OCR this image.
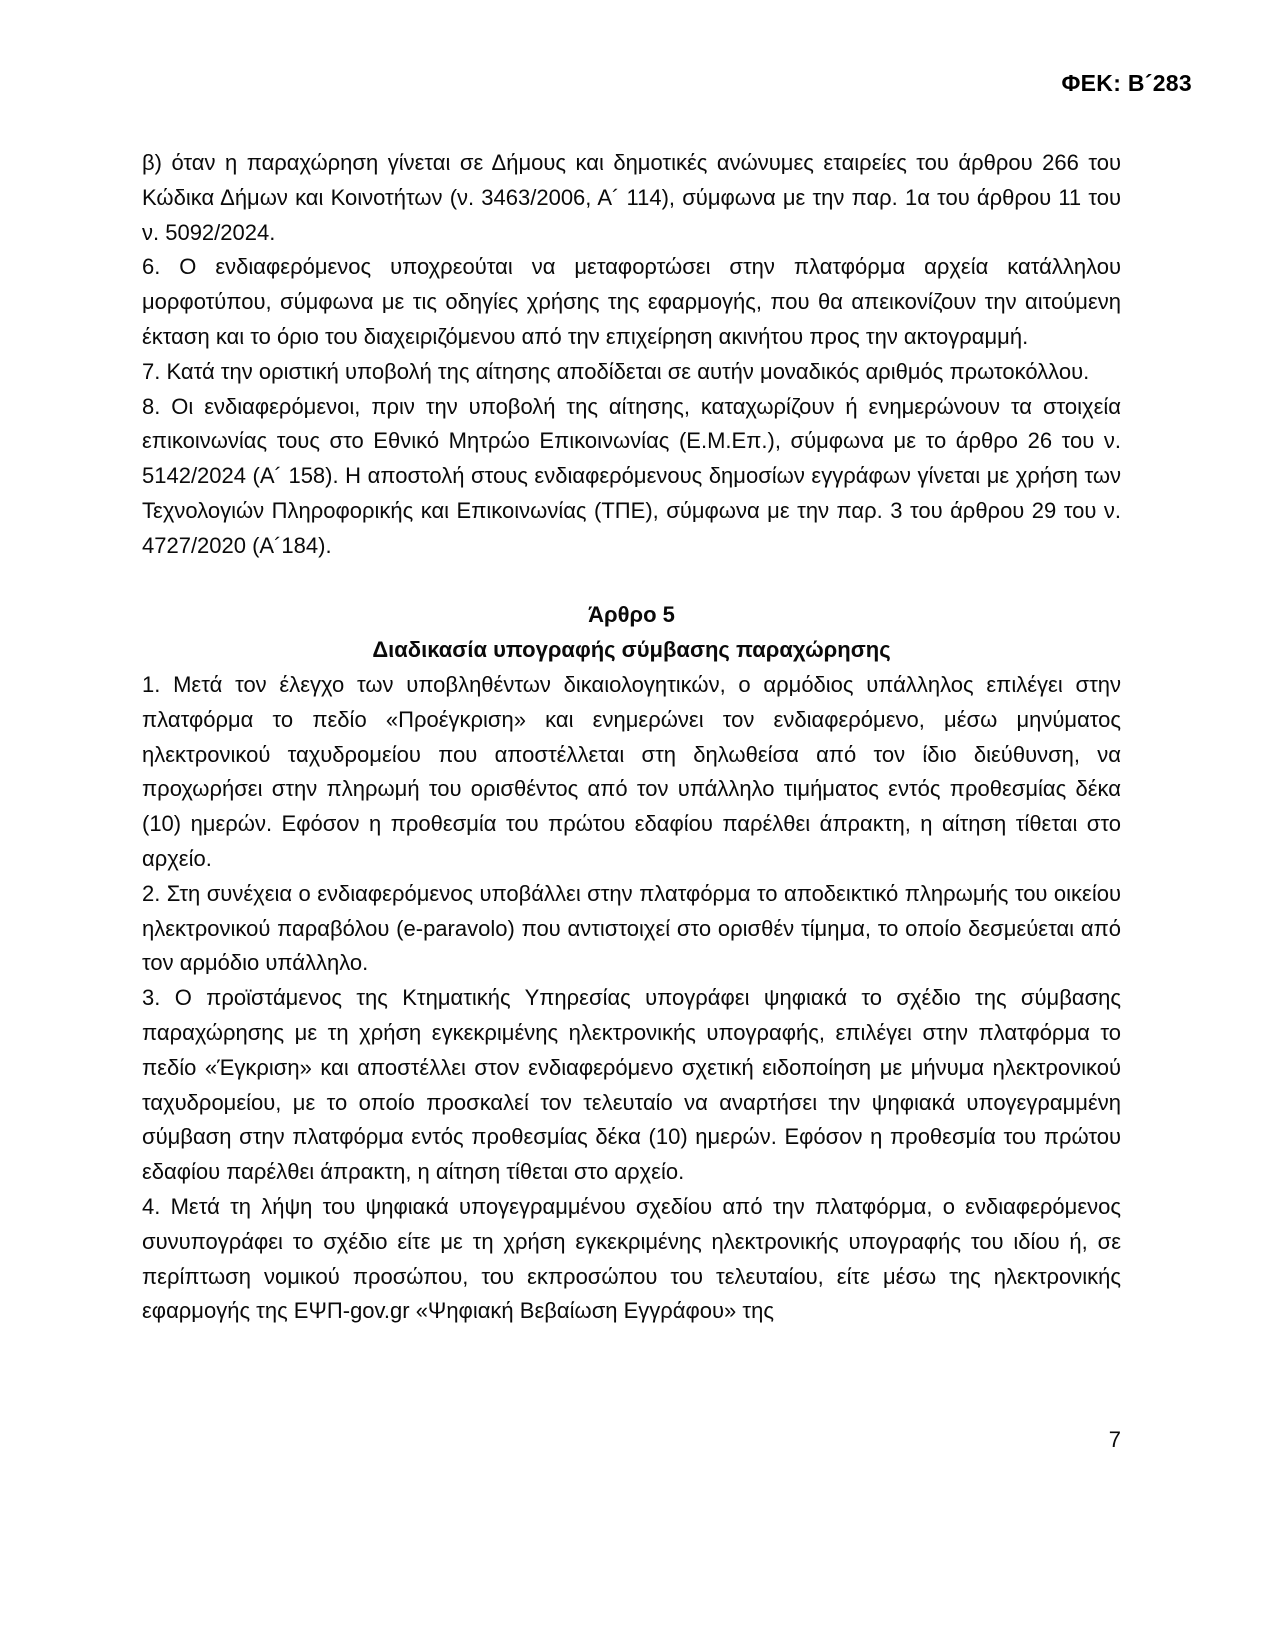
ΦΕΚ: Β´283

β) όταν η παραχώρηση γίνεται σε Δήμους και δημοτικές ανώνυμες εταιρείες του άρθρου 266 του Κώδικα Δήμων και Κοινοτήτων (ν. 3463/2006, Α´ 114), σύμφωνα με την παρ. 1α του άρθρου 11 του ν. 5092/2024.

6. Ο ενδιαφερόμενος υποχρεούται να μεταφορτώσει στην πλατφόρμα αρχεία κατάλληλου μορφοτύπου, σύμφωνα με τις οδηγίες χρήσης της εφαρμογής, που θα απεικονίζουν την αιτούμενη έκταση και το όριο του διαχειριζόμενου από την επιχείρηση ακινήτου προς την ακτογραμμή.

7. Κατά την οριστική υποβολή της αίτησης αποδίδεται σε αυτήν μοναδικός αριθμός πρωτοκόλλου.

8. Οι ενδιαφερόμενοι, πριν την υποβολή της αίτησης, καταχωρίζουν ή ενημερώνουν τα στοιχεία επικοινωνίας τους στο Εθνικό Μητρώο Επικοινωνίας (Ε.Μ.Επ.), σύμφωνα με το άρθρο 26 του ν. 5142/2024 (Α´ 158). Η αποστολή στους ενδιαφερόμενους δημοσίων εγγράφων γίνεται με χρήση των Τεχνολογιών Πληροφορικής και Επικοινωνίας (ΤΠΕ), σύμφωνα με την παρ. 3 του άρθρου 29 του ν. 4727/2020 (Α´184).

Άρθρο 5
Διαδικασία υπογραφής σύμβασης παραχώρησης

1. Μετά τον έλεγχο των υποβληθέντων δικαιολογητικών, ο αρμόδιος υπάλληλος επιλέγει στην πλατφόρμα το πεδίο «Προέγκριση» και ενημερώνει τον ενδιαφερόμενο, μέσω μηνύματος ηλεκτρονικού ταχυδρομείου που αποστέλλεται στη δηλωθείσα από τον ίδιο διεύθυνση, να προχωρήσει στην πληρωμή του ορισθέντος από τον υπάλληλο τιμήματος εντός προθεσμίας δέκα (10) ημερών. Εφόσον η προθεσμία του πρώτου εδαφίου παρέλθει άπρακτη, η αίτηση τίθεται στο αρχείο.

2. Στη συνέχεια ο ενδιαφερόμενος υποβάλλει στην πλατφόρμα το αποδεικτικό πληρωμής του οικείου ηλεκτρονικού παραβόλου (e-paravolo) που αντιστοιχεί στο ορισθέν τίμημα, το οποίο δεσμεύεται από τον αρμόδιο υπάλληλο.

3. Ο προϊστάμενος της Κτηματικής Υπηρεσίας υπογράφει ψηφιακά το σχέδιο της σύμβασης παραχώρησης με τη χρήση εγκεκριμένης ηλεκτρονικής υπογραφής, επιλέγει στην πλατφόρμα το πεδίο «Έγκριση» και αποστέλλει στον ενδιαφερόμενο σχετική ειδοποίηση με μήνυμα ηλεκτρονικού ταχυδρομείου, με το οποίο προσκαλεί τον τελευταίο να αναρτήσει την ψηφιακά υπογεγραμμένη σύμβαση στην πλατφόρμα εντός προθεσμίας δέκα (10) ημερών. Εφόσον η προθεσμία του πρώτου εδαφίου παρέλθει άπρακτη, η αίτηση τίθεται στο αρχείο.

4. Μετά τη λήψη του ψηφιακά υπογεγραμμένου σχεδίου από την πλατφόρμα, ο ενδιαφερόμενος συνυπογράφει το σχέδιο είτε με τη χρήση εγκεκριμένης ηλεκτρονικής υπογραφής του ιδίου ή, σε περίπτωση νομικού προσώπου, του εκπροσώπου του τελευταίου, είτε μέσω της ηλεκτρονικής εφαρμογής της ΕΨΠ-gov.gr «Ψηφιακή Βεβαίωση Εγγράφου» της

7
